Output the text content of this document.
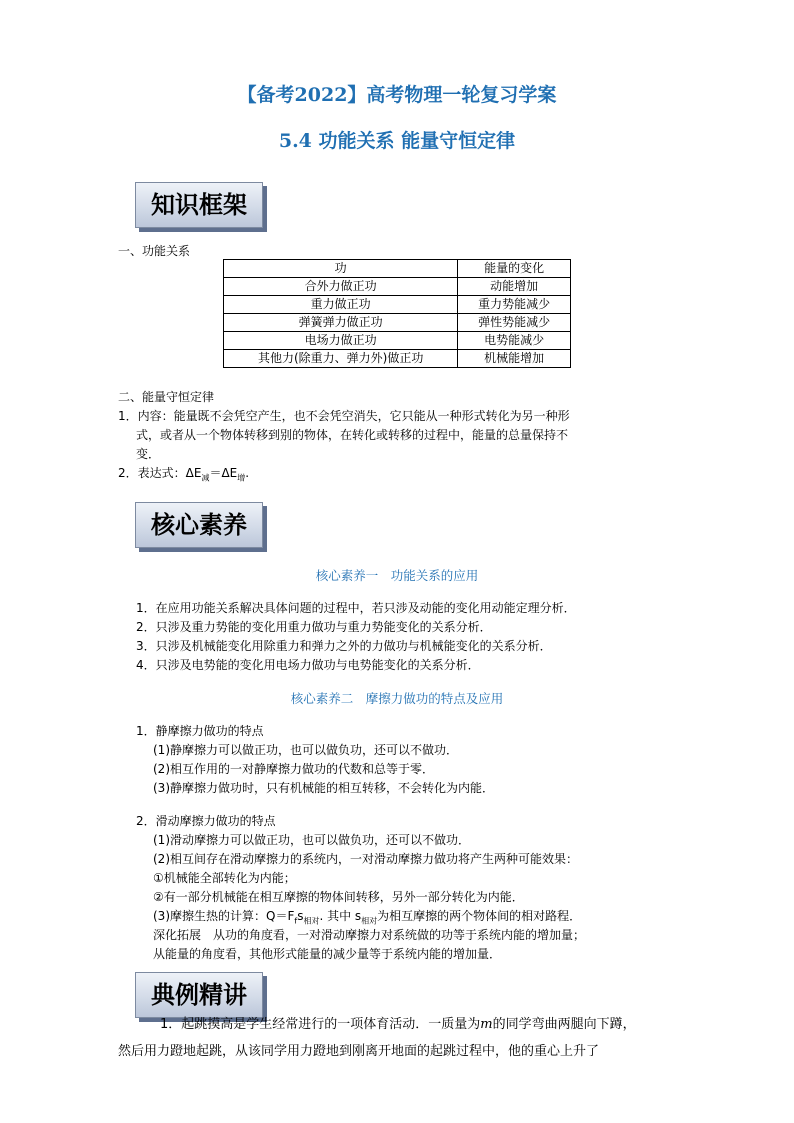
【备考2022】高考物理一轮复习学案
5.4 功能关系 能量守恒定律
知识框架
一、功能关系
功	能量的变化
合外力做正功	动能增加
重力做正功	重力势能减少
弹簧弹力做正功	弹性势能减少
电场力做正功	电势能减少
其他力(除重力、弹力外)做正功	机械能增加
二、能量守恒定律
1．内容：能量既不会凭空产生，也不会凭空消失，它只能从一种形式转化为另一种形
式，或者从一个物体转移到别的物体，在转化或转移的过程中，能量的总量保持不
变．
2．表达式：$\Delta E_减=\Delta E_增$.
核心素养
核心素养一　功能关系的应用
1．在应用功能关系解决具体问题的过程中，若只涉及动能的变化用动能定理分析．
2．只涉及重力势能的变化用重力做功与重力势能变化的关系分析．
3．只涉及机械能变化用除重力和弹力之外的力做功与机械能变化的关系分析．
4．只涉及电势能的变化用电场力做功与电势能变化的关系分析．
核心素养二　摩擦力做功的特点及应用
1．静摩擦力做功的特点
(1)静摩擦力可以做正功，也可以做负功，还可以不做功．
(2)相互作用的一对静摩擦力做功的代数和总等于零．
(3)静摩擦力做功时，只有机械能的相互转移，不会转化为内能．
2．滑动摩擦力做功的特点
(1)滑动摩擦力可以做正功，也可以做负功，还可以不做功．
(2)相互间存在滑动摩擦力的系统内，一对滑动摩擦力做功将产生两种可能效果：
①机械能全部转化为内能；
②有一部分机械能在相互摩擦的物体间转移，另外一部分转化为内能．
(3)摩擦生热的计算：$Q=F_fs_{相对}$. 其中 $s_{相对}$为相互摩擦的两个物体间的相对路程．
深化拓展　从功的角度看，一对滑动摩擦力对系统做的功等于系统内能的增加量；
从能量的角度看，其他形式能量的减少量等于系统内能的增加量．
典例精讲
1．起跳摸高是学生经常进行的一项体育活动．一质量为m的同学弯曲两腿向下蹲，
然后用力蹬地起跳，从该同学用力蹬地到刚离开地面的起跳过程中，他的重心上升了
